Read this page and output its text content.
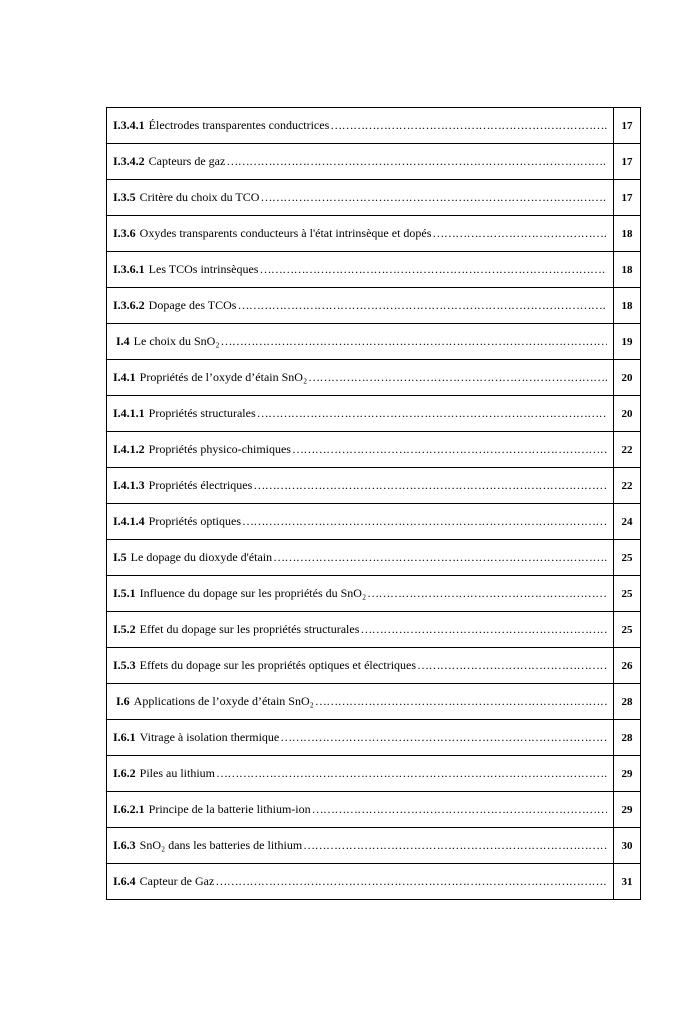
I.3.4.1 Électrodes transparentes conductrices ……………………………………………………………………………………………………………………………………………………………………………	17
I.3.4.2 Capteurs de gaz ……………………………………………………………………………………………………………………………………………………………………………	17
I.3.5 Critère du choix du TCO ……………………………………………………………………………………………………………………………………………………………………………	17
I.3.6 Oxydes transparents conducteurs à l'état intrinsèque et dopés ……………………………………………………………………………………………………………………………………………………………………………	18
I.3.6.1 Les TCOs intrinsèques ……………………………………………………………………………………………………………………………………………………………………………	18
I.3.6.2 Dopage des TCOs ……………………………………………………………………………………………………………………………………………………………………………	18
I.4 Le choix du SnO₂ ……………………………………………………………………………………………………………………………………………………………………………	19
I.4.1 Propriétés de l’oxyde d’étain SnO₂ ……………………………………………………………………………………………………………………………………………………………………………	20
I.4.1.1 Propriétés structurales ……………………………………………………………………………………………………………………………………………………………………………	20
I.4.1.2 Propriétés physico-chimiques ……………………………………………………………………………………………………………………………………………………………………………	22
I.4.1.3 Propriétés électriques ……………………………………………………………………………………………………………………………………………………………………………	22
I.4.1.4 Propriétés optiques ……………………………………………………………………………………………………………………………………………………………………………	24
I.5 Le dopage du dioxyde d'étain ……………………………………………………………………………………………………………………………………………………………………………	25
I.5.1 Influence du dopage sur les propriétés du SnO₂ ……………………………………………………………………………………………………………………………………………………………………………	25
I.5.2 Effet du dopage sur les propriétés structurales ……………………………………………………………………………………………………………………………………………………………………………	25
I.5.3 Effets du dopage sur les propriétés optiques et électriques ……………………………………………………………………………………………………………………………………………………………………………	26
I.6 Applications de l’oxyde d’étain SnO₂ ……………………………………………………………………………………………………………………………………………………………………………	28
I.6.1 Vitrage à isolation thermique ……………………………………………………………………………………………………………………………………………………………………………	28
I.6.2 Piles au lithium ……………………………………………………………………………………………………………………………………………………………………………	29
I.6.2.1 Principe de la batterie lithium-ion ……………………………………………………………………………………………………………………………………………………………………………	29
I.6.3 SnO₂ dans les batteries de lithium ……………………………………………………………………………………………………………………………………………………………………………	30
I.6.4 Capteur de Gaz ……………………………………………………………………………………………………………………………………………………………………………	31
